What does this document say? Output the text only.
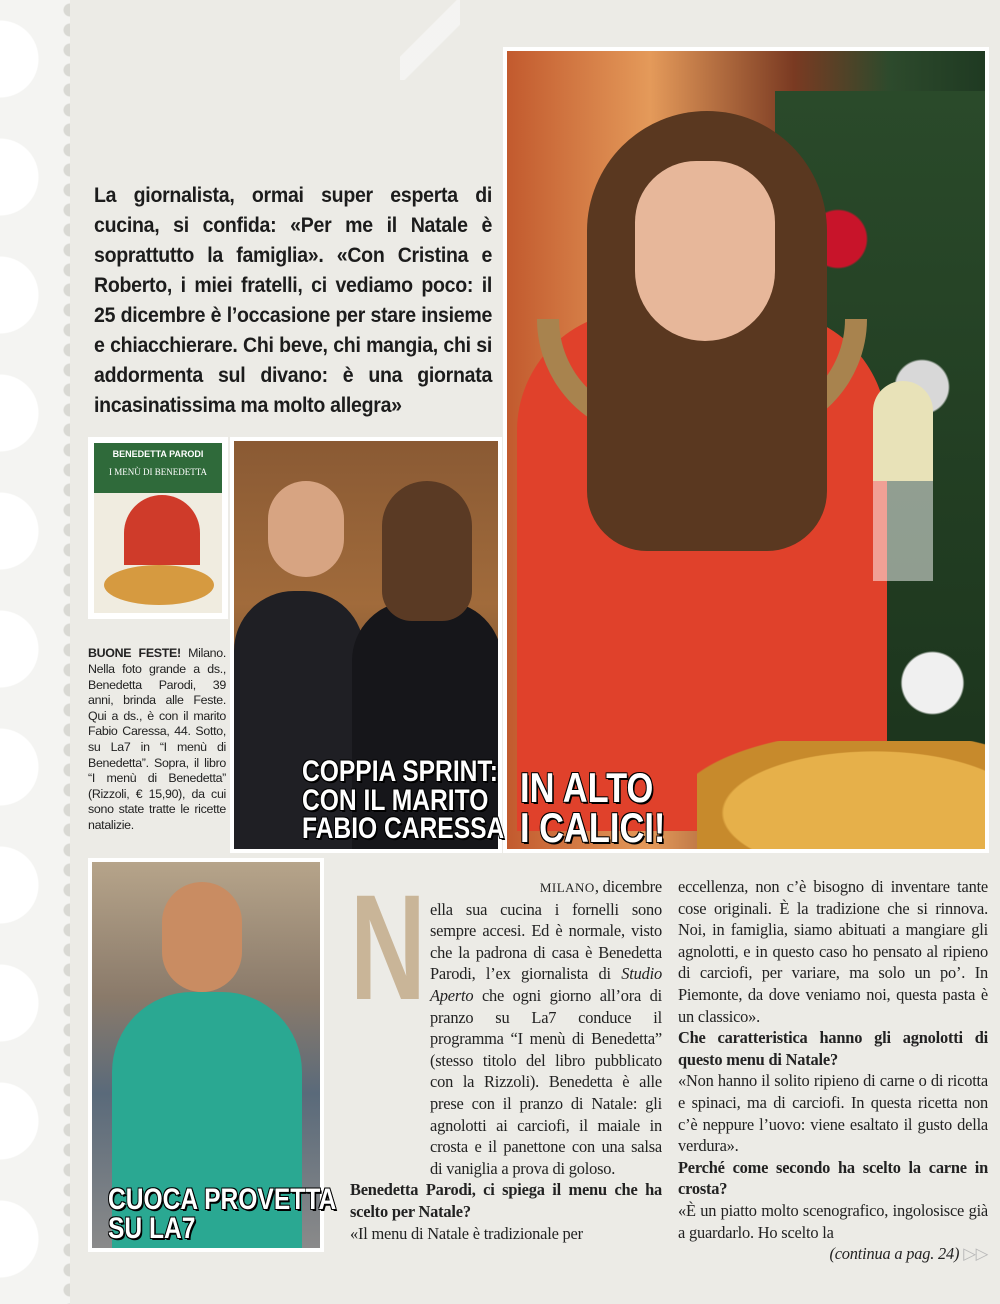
La giornalista, ormai super esperta di cucina, si confida: «Per me il Natale è soprattutto la famiglia». «Con Cristina e Roberto, i miei fratelli, ci vediamo poco: il 25 dicembre è l’occasione per stare insieme e chiacchierare. Chi beve, chi mangia, chi si addormenta sul divano: è una giornata incasinatissima ma molto allegra»

BENEDETTA PARODI
I MENÙ DI BENEDETTA
COPPIA SPRINT:
CON IL MARITO
FABIO CARESSA
IN ALTO
I CALICI!
CUOCA PROVETTA
SU LA7

BUONE FESTE! Milano. Nella foto grande a ds., Benedetta Parodi, 39 anni, brinda alle Feste. Qui a ds., è con il marito Fabio Caressa, 44. Sotto, su La7 in “I menù di Benedetta”. Sopra, il libro “I menù di Benedetta” (Rizzoli, € 15,90), da cui sono state tratte le ricette natalizie.

N	MILANO, dicembre
ella sua cucina i fornelli sono sempre accesi. Ed è normale, visto che la padrona di casa è Benedetta Parodi, l’ex giornalista di Studio Aperto che ogni giorno all’ora di pranzo su La7 conduce il programma “I menù di Benedetta” (stesso titolo del libro pubblicato con la Rizzoli). Benedetta è alle prese con il pranzo di Natale: gli agnolotti ai carciofi, il maiale in crosta e il panettone con una salsa di vaniglia a prova di goloso.
Benedetta Parodi, ci spiega il menu che ha scelto per Natale?
«Il menu di Natale è tradizionale per
eccellenza, non c’è bisogno di inventare tante cose originali. È la tradizione che si rinnova. Noi, in famiglia, siamo abituati a mangiare gli agnolotti, e in questo caso ho pensato al ripieno di carciofi, per variare, ma solo un po’. In Piemonte, da dove veniamo noi, questa pasta è un classico».
Che caratteristica hanno gli agnolotti di questo menu di Natale?
«Non hanno il solito ripieno di carne o di ricotta e spinaci, ma di carciofi. In questa ricetta non c’è neppure l’uovo: viene esaltato il gusto della verdura».
Perché come secondo ha scelto la carne in crosta?
«È un piatto molto scenografico, ingolosisce già a guardarlo. Ho scelto la
(continua a pag. 24) ▷▷
